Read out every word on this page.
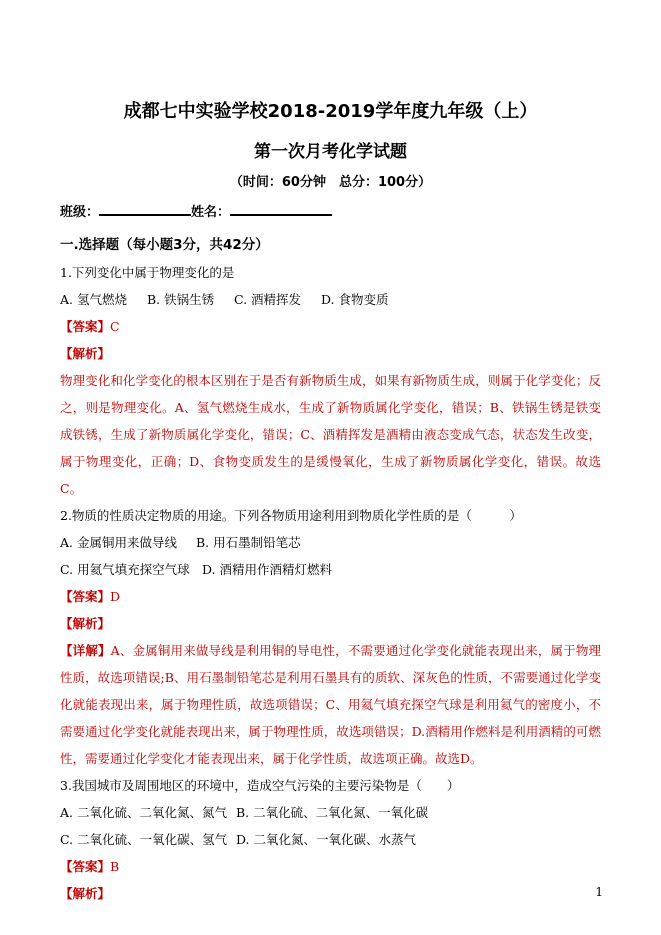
成都七中实验学校2018-2019学年度九年级（上）
第一次月考化学试题
（时间：60分钟　总分：100分）
班级：	姓名：
一.选择题（每小题3分，共42分）
1.下列变化中属于物理变化的是
A. 氢气燃烧 B. 铁锅生锈 C. 酒精挥发 D. 食物变质
【答案】C
【解析】
物理变化和化学变化的根本区别在于是否有新物质生成，如果有新物质生成，则属于化学变化；反之，则是物理变化。A、氢气燃烧生成水，生成了新物质属化学变化，错误；B、铁锅生锈是铁变成铁锈，生成了新物质属化学变化，错误；C、酒精挥发是酒精由液态变成气态，状态发生改变，属于物理变化，正确；D、食物变质发生的是缓慢氧化，生成了新物质属化学变化，错误。故选C。
2.物质的性质决定物质的用途。下列各物质用途利用到物质化学性质的是（　　　）
A. 金属铜用来做导线 B. 用石墨制铅笔芯
C. 用氦气填充探空气球 D. 酒精用作酒精灯燃料
【答案】D
【解析】
【详解】A、金属铜用来做导线是利用铜的导电性，不需要通过化学变化就能表现出来，属于物理性质，故选项错误;B、用石墨制铅笔芯是利用石墨具有的质软、深灰色的性质，不需要通过化学变化就能表现出来，属于物理性质，故选项错误；C、用氦气填充探空气球是利用氦气的密度小，不需要通过化学变化就能表现出来，属于物理性质，故选项错误；D.酒精用作燃料是利用酒精的可燃性，需要通过化学变化才能表现出来，属于化学性质，故选项正确。故选D。
3.我国城市及周围地区的环境中，造成空气污染的主要污染物是（　　）
A. 二氧化硫、二氧化氮、氮气 B. 二氧化硫、二氧化氮、一氧化碳
C. 二氧化硫、一氧化碳、氢气 D. 二氧化氮、一氧化碳、水蒸气
【答案】B
【解析】	1
